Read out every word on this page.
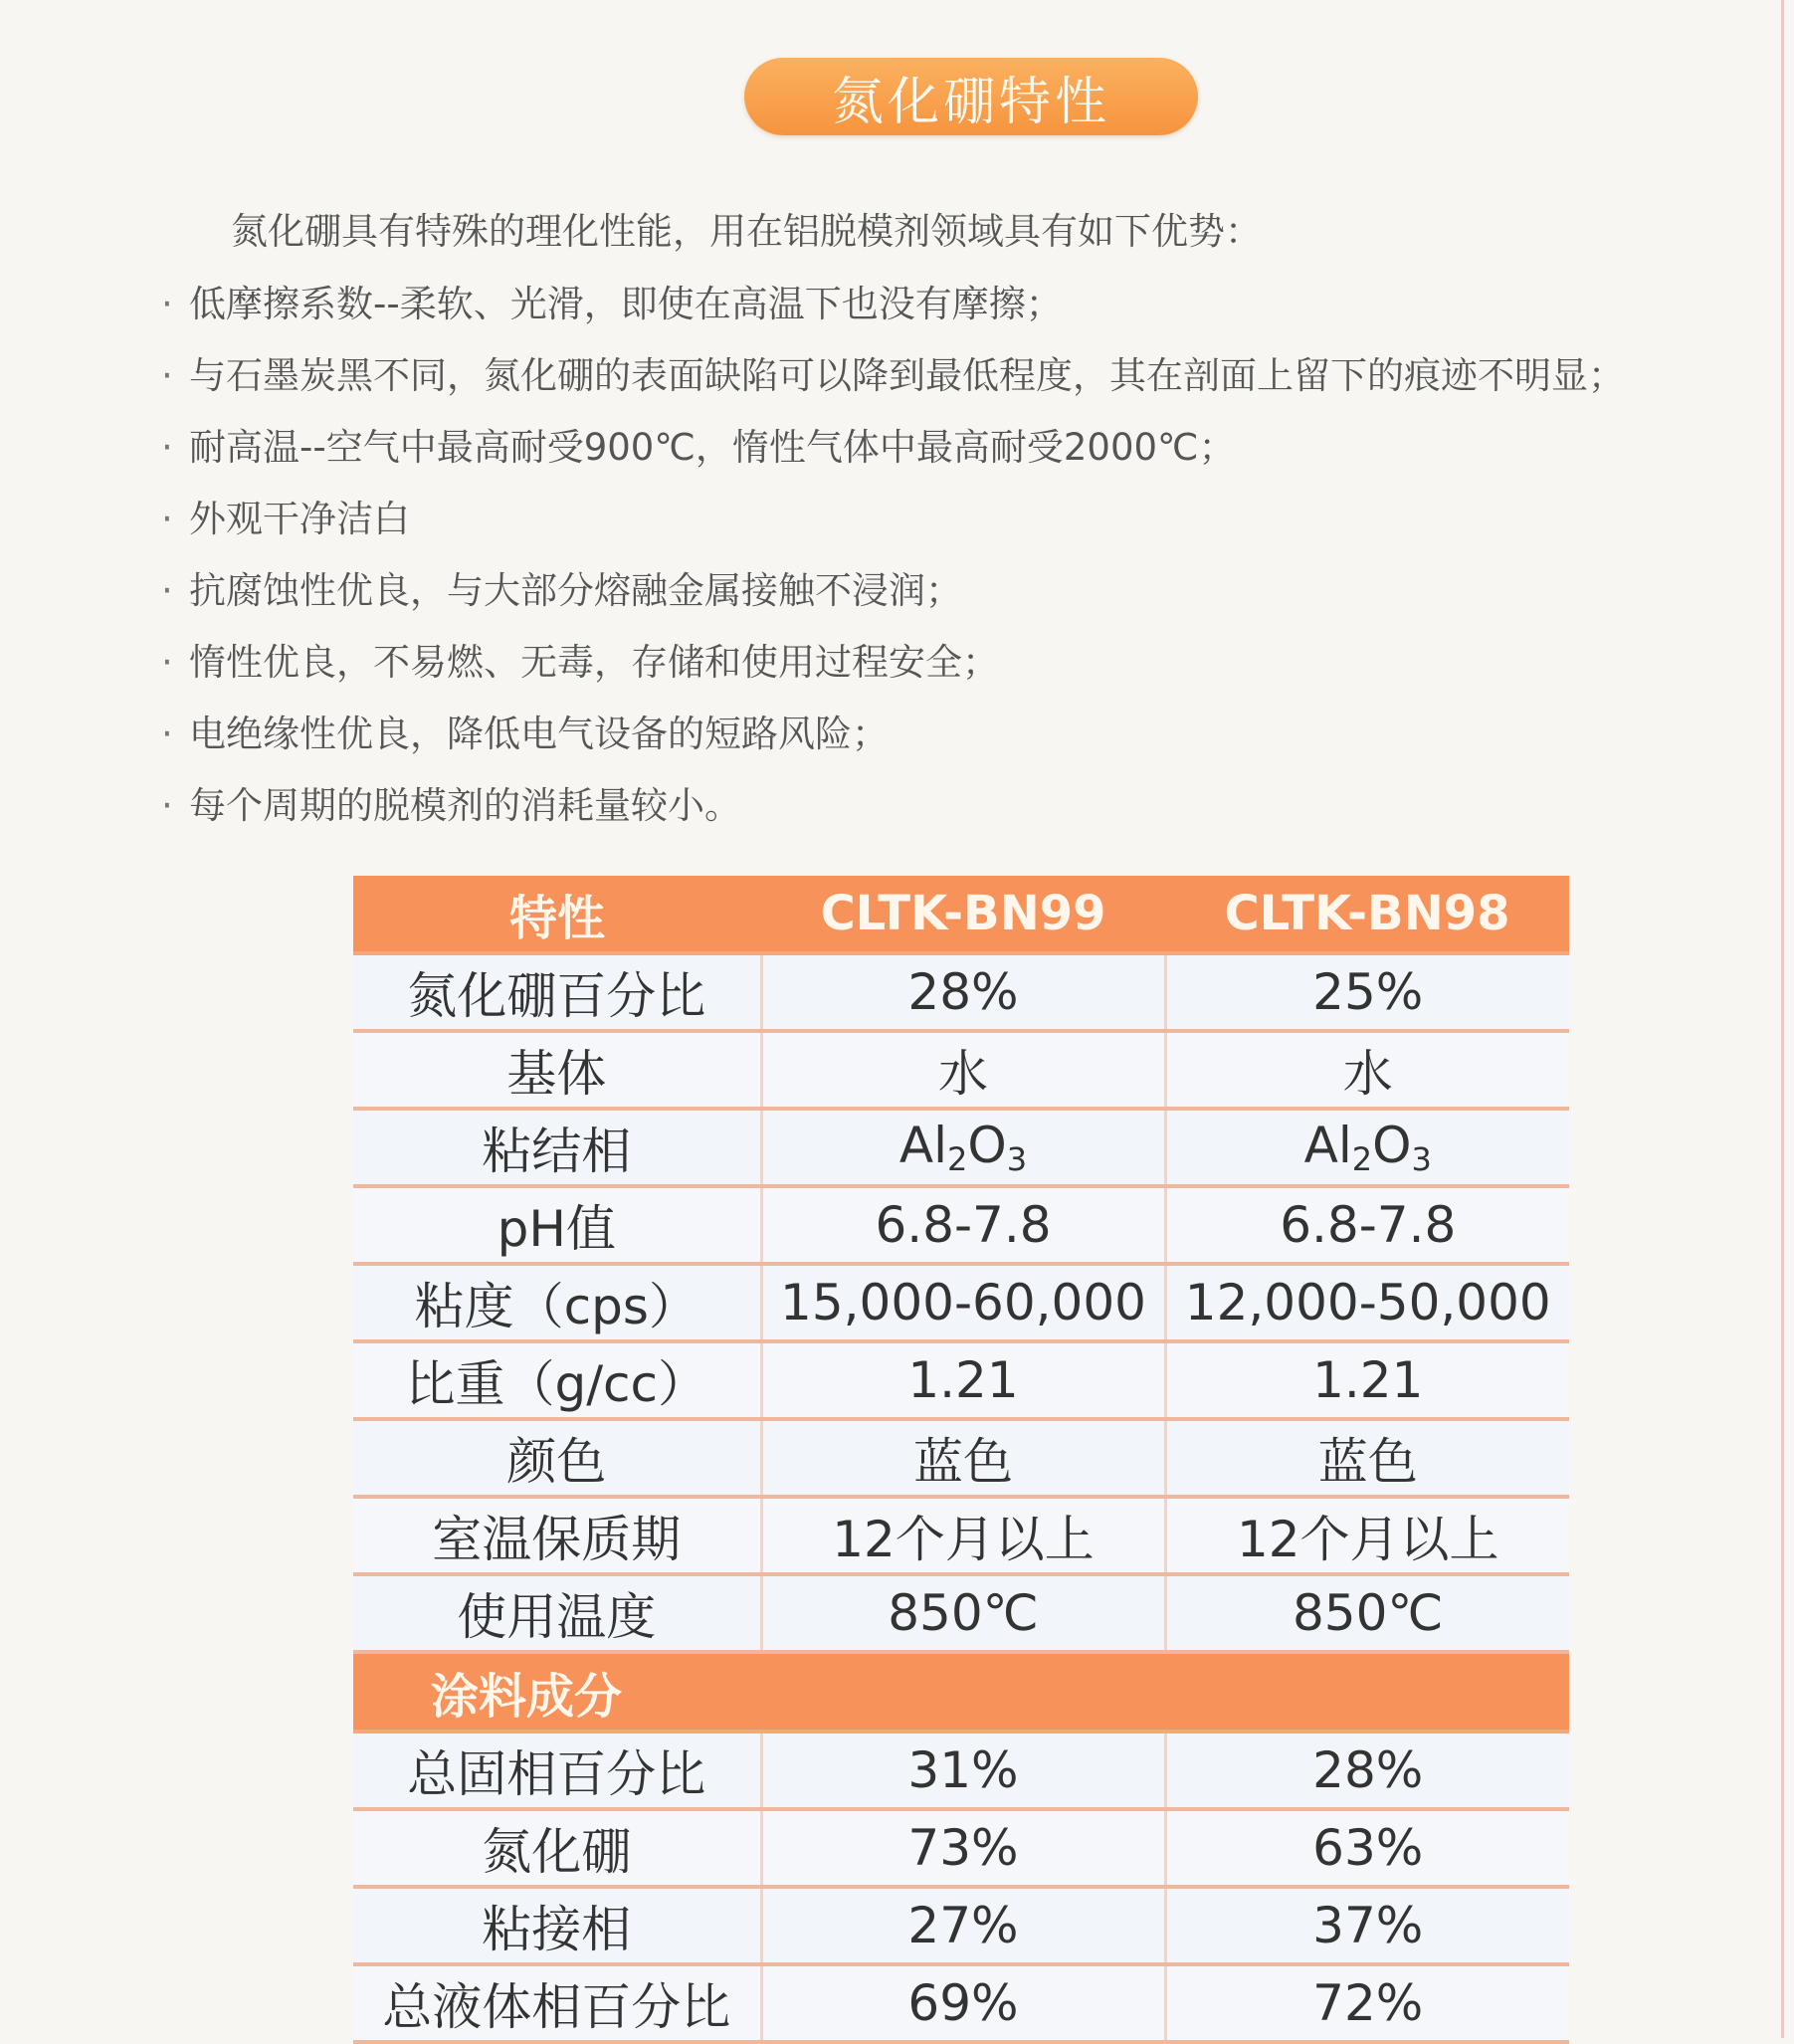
氮化硼特性
氮化硼具有特殊的理化性能，用在铝脱模剂领域具有如下优势：
· 低摩擦系数--柔软、光滑，即使在高温下也没有摩擦；
· 与石墨炭黑不同，氮化硼的表面缺陷可以降到最低程度，其在剖面上留下的痕迹不明显；
· 耐高温--空气中最高耐受900℃，惰性气体中最高耐受2000℃；
· 外观干净洁白
· 抗腐蚀性优良，与大部分熔融金属接触不浸润；
· 惰性优良，不易燃、无毒，存储和使用过程安全；
· 电绝缘性优良，降低电气设备的短路风险；
· 每个周期的脱模剂的消耗量较小。
特性	CLTK-BN99	CLTK-BN98
氮化硼百分比	28%	25%
基体	水	水
粘结相	$Al_2O_3$	$Al_2O_3$
pH值	6.8-7.8	6.8-7.8
粘度（cps）	15,000-60,000	12,000-50,000
比重（g/cc）	1.21	1.21
颜色	蓝色	蓝色
室温保质期	12个月以上	12个月以上
使用温度	850℃	850℃
涂料成分		
总固相百分比	31%	28%
氮化硼	73%	63%
粘接相	27%	37%
总液体相百分比	69%	72%
